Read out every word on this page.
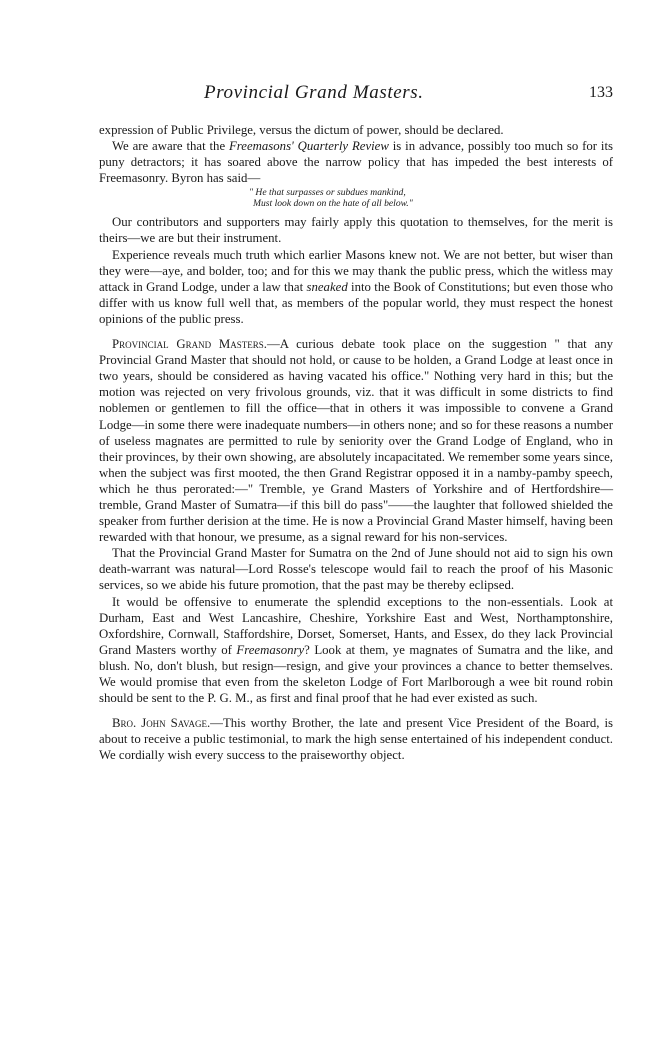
Provincial Grand Masters.	133

expression of Public Privilege, versus the dictum of power, should be declared.

We are aware that the Freemasons' Quarterly Review is in advance, possibly too much so for its puny detractors; it has soared above the narrow policy that has impeded the best interests of Freemasonry. Byron has said—

" He that surpasses or subdues mankind,
Must look down on the hate of all below."

Our contributors and supporters may fairly apply this quotation to themselves, for the merit is theirs—we are but their instrument.

Experience reveals much truth which earlier Masons knew not. We are not better, but wiser than they were—aye, and bolder, too; and for this we may thank the public press, which the witless may attack in Grand Lodge, under a law that sneaked into the Book of Constitutions; but even those who differ with us know full well that, as members of the popular world, they must respect the honest opinions of the public press.

Provincial Grand Masters.—A curious debate took place on the suggestion " that any Provincial Grand Master that should not hold, or cause to be holden, a Grand Lodge at least once in two years, should be considered as having vacated his office." Nothing very hard in this; but the motion was rejected on very frivolous grounds, viz. that it was difficult in some districts to find noblemen or gentlemen to fill the office—that in others it was impossible to convene a Grand Lodge—in some there were inadequate numbers—in others none; and so for these reasons a number of useless magnates are permitted to rule by seniority over the Grand Lodge of England, who in their provinces, by their own showing, are absolutely incapacitated. We remember some years since, when the subject was first mooted, the then Grand Registrar opposed it in a namby-pamby speech, which he thus perorated:—" Tremble, ye Grand Masters of Yorkshire and of Hertfordshire—tremble, Grand Master of Sumatra—if this bill do pass"——the laughter that followed shielded the speaker from further derision at the time. He is now a Provincial Grand Master himself, having been rewarded with that honour, we presume, as a signal reward for his non-services.

That the Provincial Grand Master for Sumatra on the 2nd of June should not aid to sign his own death-warrant was natural—Lord Rosse's telescope would fail to reach the proof of his Masonic services, so we abide his future promotion, that the past may be thereby eclipsed.

It would be offensive to enumerate the splendid exceptions to the non-essentials. Look at Durham, East and West Lancashire, Cheshire, Yorkshire East and West, Northamptonshire, Oxfordshire, Cornwall, Staffordshire, Dorset, Somerset, Hants, and Essex, do they lack Provincial Grand Masters worthy of Freemasonry? Look at them, ye magnates of Sumatra and the like, and blush. No, don't blush, but resign—resign, and give your provinces a chance to better themselves. We would promise that even from the skeleton Lodge of Fort Marlborough a wee bit round robin should be sent to the P. G. M., as first and final proof that he had ever existed as such.

Bro. John Savage.—This worthy Brother, the late and present Vice President of the Board, is about to receive a public testimonial, to mark the high sense entertained of his independent conduct. We cordially wish every success to the praiseworthy object.
